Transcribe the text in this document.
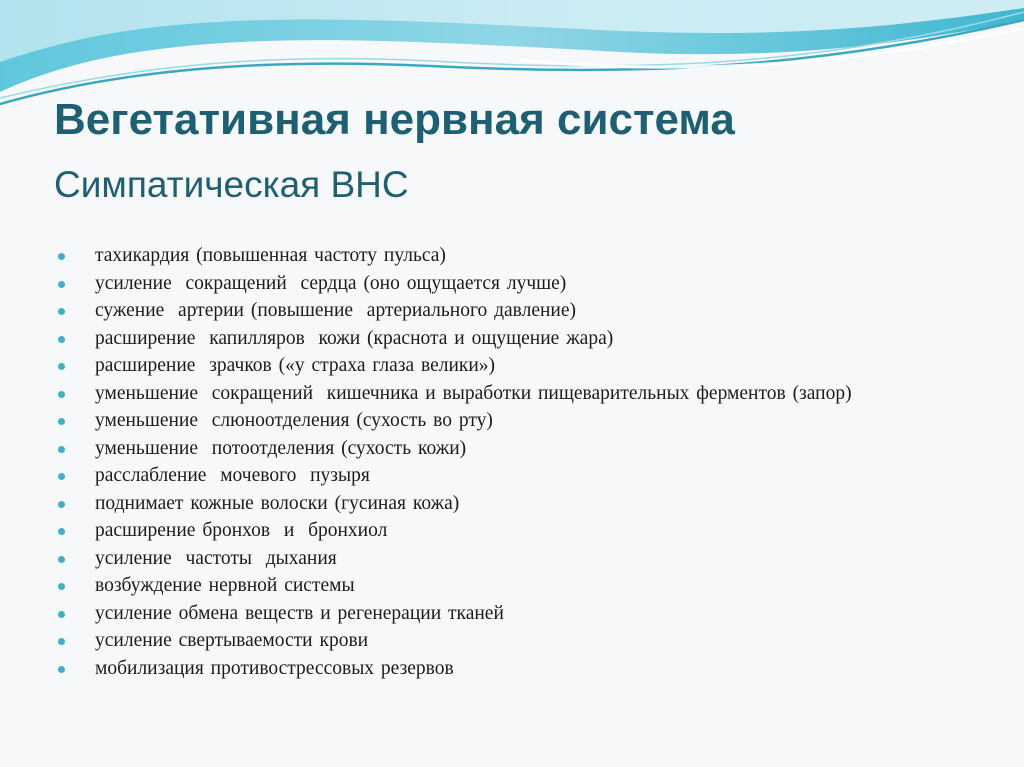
Вегетативная нервная система
Симпатическая ВНС
тахикардия (повышенная частоту пульса)
усиление  сокращений  сердца (оно ощущается лучше)
сужение  артерии (повышение  артериального давление)
расширение  капилляров  кожи (краснота и ощущение жара)
расширение  зрачков («у страха глаза велики»)
уменьшение  сокращений  кишечника и выработки пищеварительных ферментов (запор)
уменьшение  слюноотделения (сухость во рту)
уменьшение  потоотделения (сухость кожи)
расслабление  мочевого  пузыря
поднимает кожные волоски (гусиная кожа)
расширение бронхов  и  бронхиол
усиление  частоты  дыхания
возбуждение нервной системы
усиление обмена веществ и регенерации тканей
усиление свертываемости крови
мобилизация противострессовых резервов
